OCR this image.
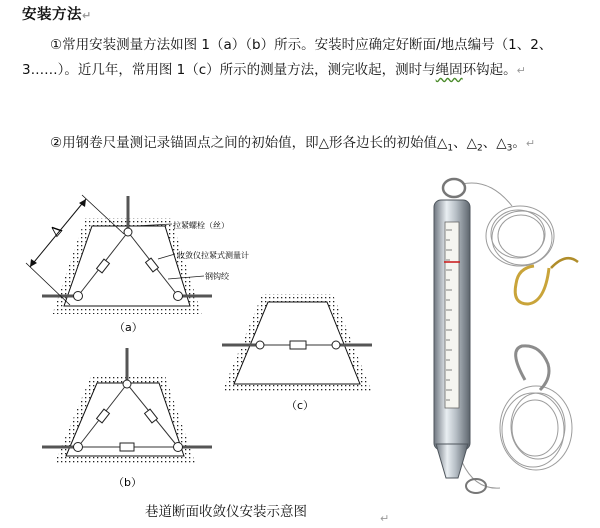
安装方法↵
①常用安装测量方法如图 1（a）（b）所示。安装时应确定好断面/地点编号（1、2、3……）。近几年，常用图 1（c）所示的测量方法，测完收起，测时与绳固环钩起。↵
②用钢卷尺量测记录锚固点之间的初始值，即△形各边长的初始值$\triangle_1$、$\triangle_2$、$\triangle_3$。↵
Δ	拉紧螺栓（丝）
收敛仪拉紧式测量计
钢钩绞
（a）
（b）
（c）
巷道断面收敛仪安装示意图	↵
